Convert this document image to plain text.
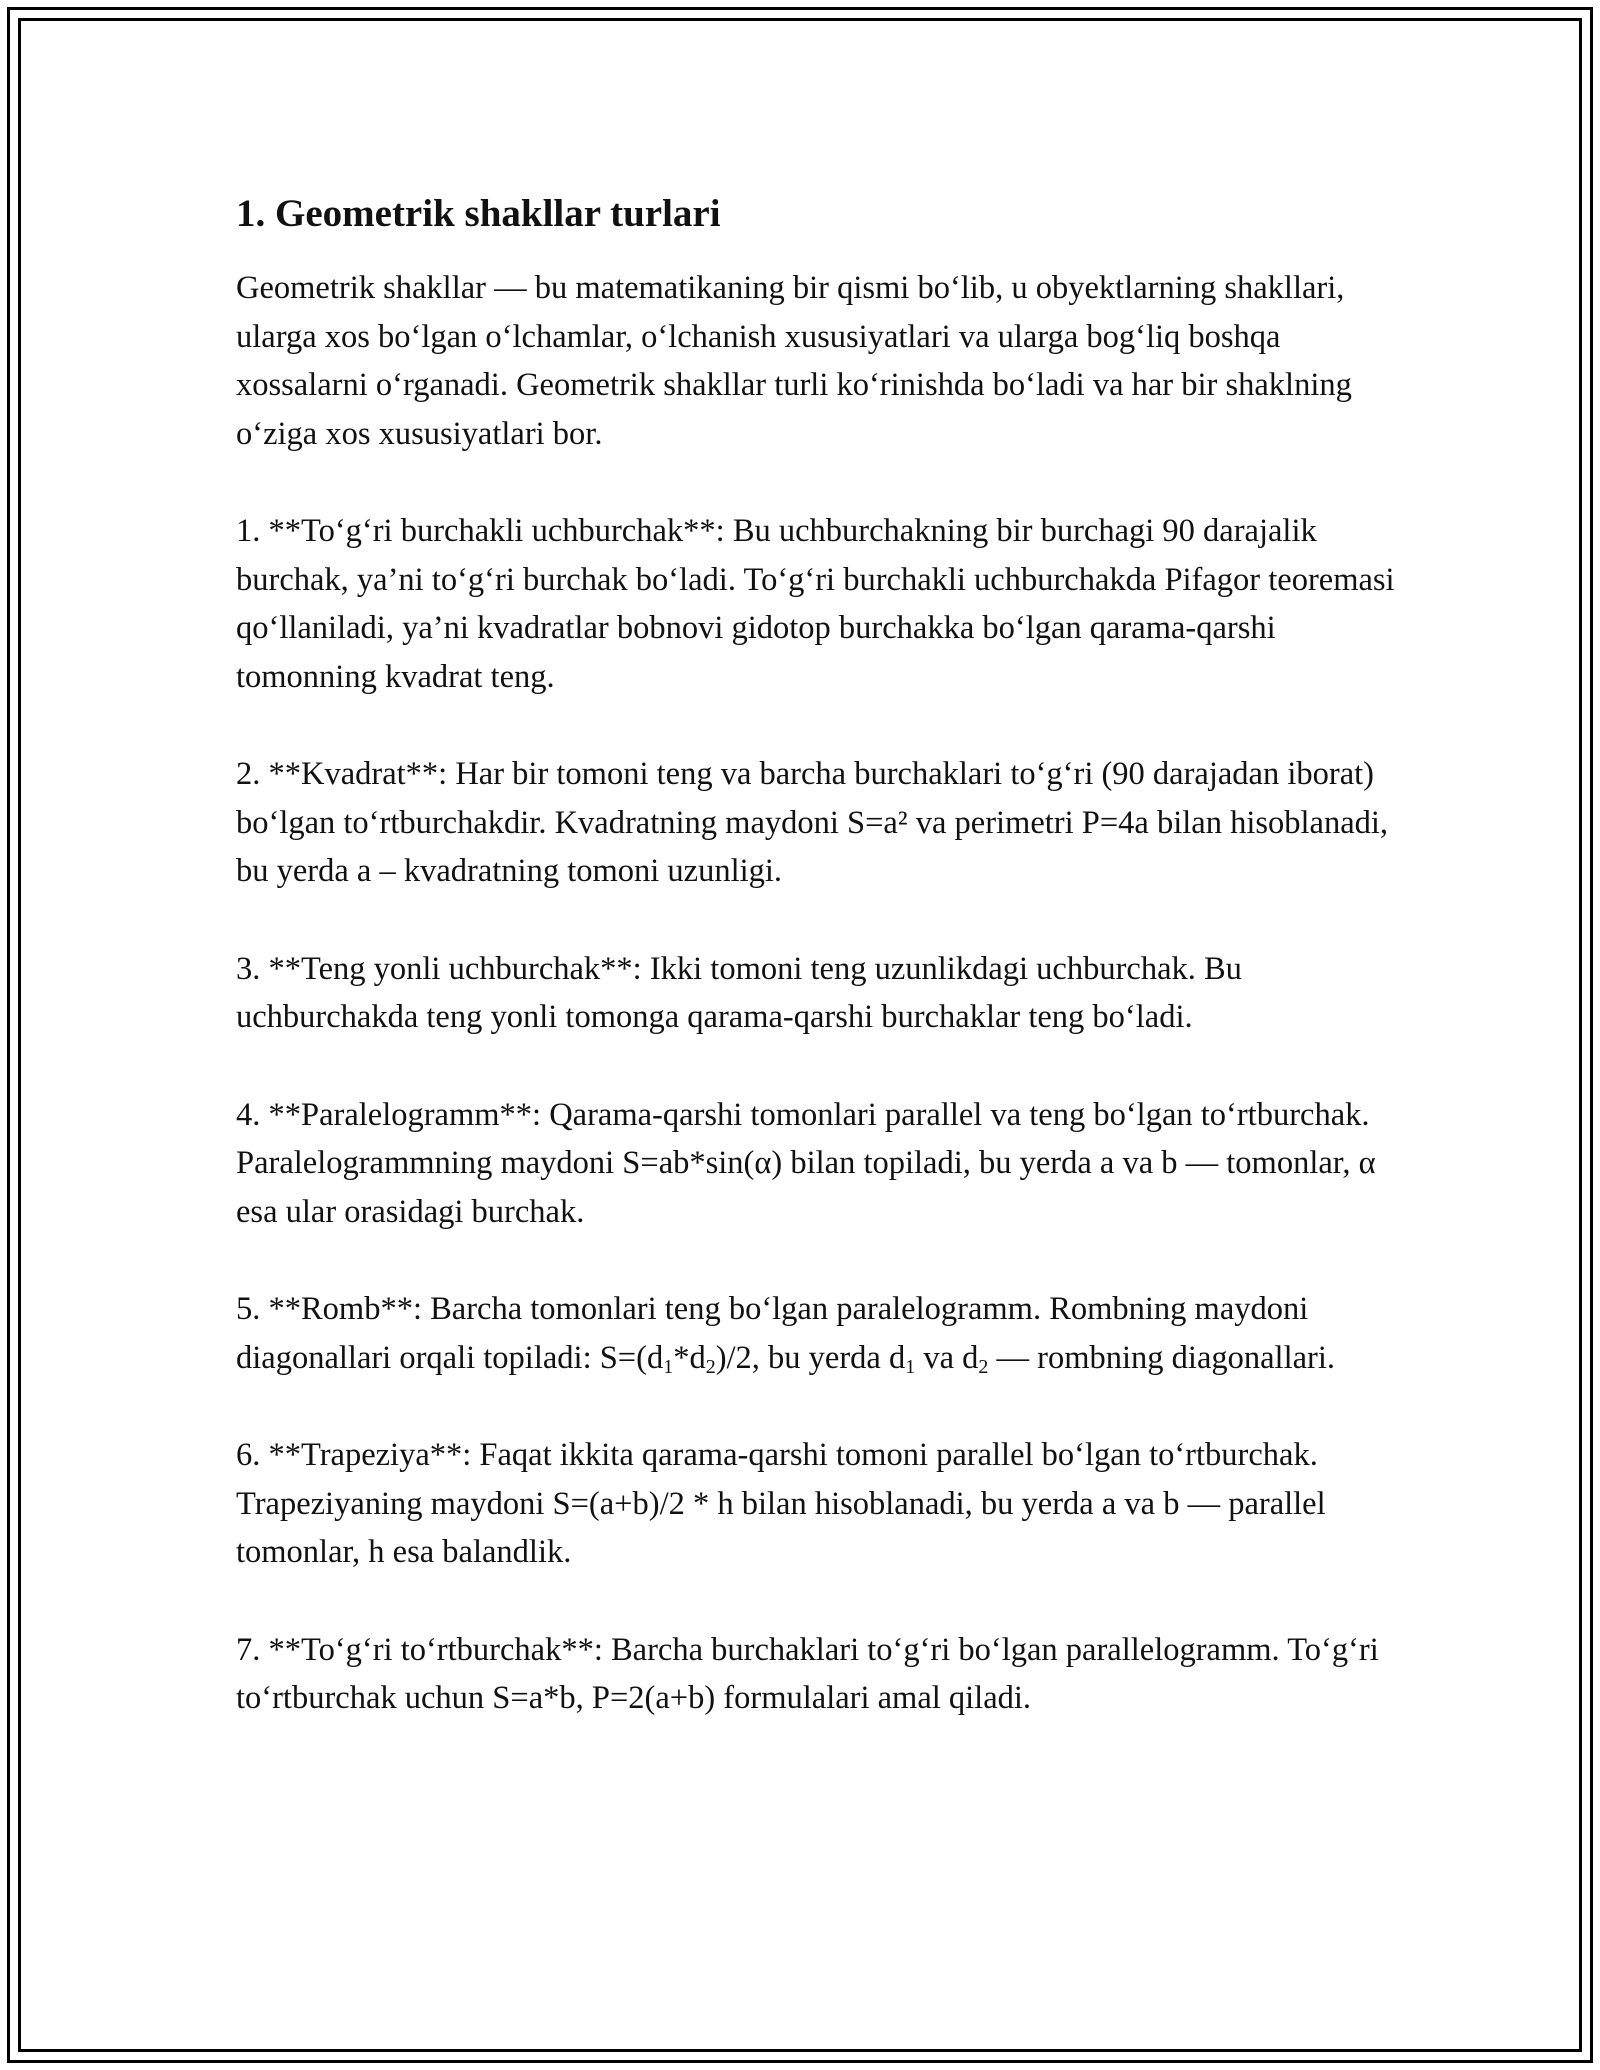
1. Geometrik shakllar turlari

Geometrik shakllar — bu matematikaning bir qismi bo‘lib, u obyektlarning shakllari, ularga xos bo‘lgan o‘lchamlar, o‘lchanish xususiyatlari va ularga bog‘liq boshqa xossalarni o‘rganadi. Geometrik shakllar turli ko‘rinishda bo‘ladi va har bir shaklning o‘ziga xos xususiyatlari bor.

1. **To‘g‘ri burchakli uchburchak**: Bu uchburchakning bir burchagi 90 darajalik burchak, ya’ni to‘g‘ri burchak bo‘ladi. To‘g‘ri burchakli uchburchakda Pifagor teoremasi qo‘llaniladi, ya’ni kvadratlar bobnovi gidotop burchakka bo‘lgan qarama-qarshi tomonning kvadrat teng.

2. **Kvadrat**: Har bir tomoni teng va barcha burchaklari to‘g‘ri (90 darajadan iborat) bo‘lgan to‘rtburchakdir. Kvadratning maydoni S=a² va perimetri P=4a bilan hisoblanadi, bu yerda a – kvadratning tomoni uzunligi.

3. **Teng yonli uchburchak**: Ikki tomoni teng uzunlikdagi uchburchak. Bu uchburchakda teng yonli tomonga qarama-qarshi burchaklar teng bo‘ladi.

4. **Paralelogramm**: Qarama-qarshi tomonlari parallel va teng bo‘lgan to‘rtburchak. Paralelogrammning maydoni S=ab*sin(α) bilan topiladi, bu yerda a va b — tomonlar, α esa ular orasidagi burchak.

5. **Romb**: Barcha tomonlari teng bo‘lgan paralelogramm. Rombning maydoni diagonallari orqali topiladi: $S=(d_1*d_2)/2$, bu yerda $d_1$ va $d_2$ — rombning diagonallari.

6. **Trapeziya**: Faqat ikkita qarama-qarshi tomoni parallel bo‘lgan to‘rtburchak. Trapeziyaning maydoni S=(a+b)/2 * h bilan hisoblanadi, bu yerda a va b — parallel tomonlar, h esa balandlik.

7. **To‘g‘ri to‘rtburchak**: Barcha burchaklari to‘g‘ri bo‘lgan parallelogramm. To‘g‘ri to‘rtburchak uchun S=a*b, P=2(a+b) formulalari amal qiladi.
